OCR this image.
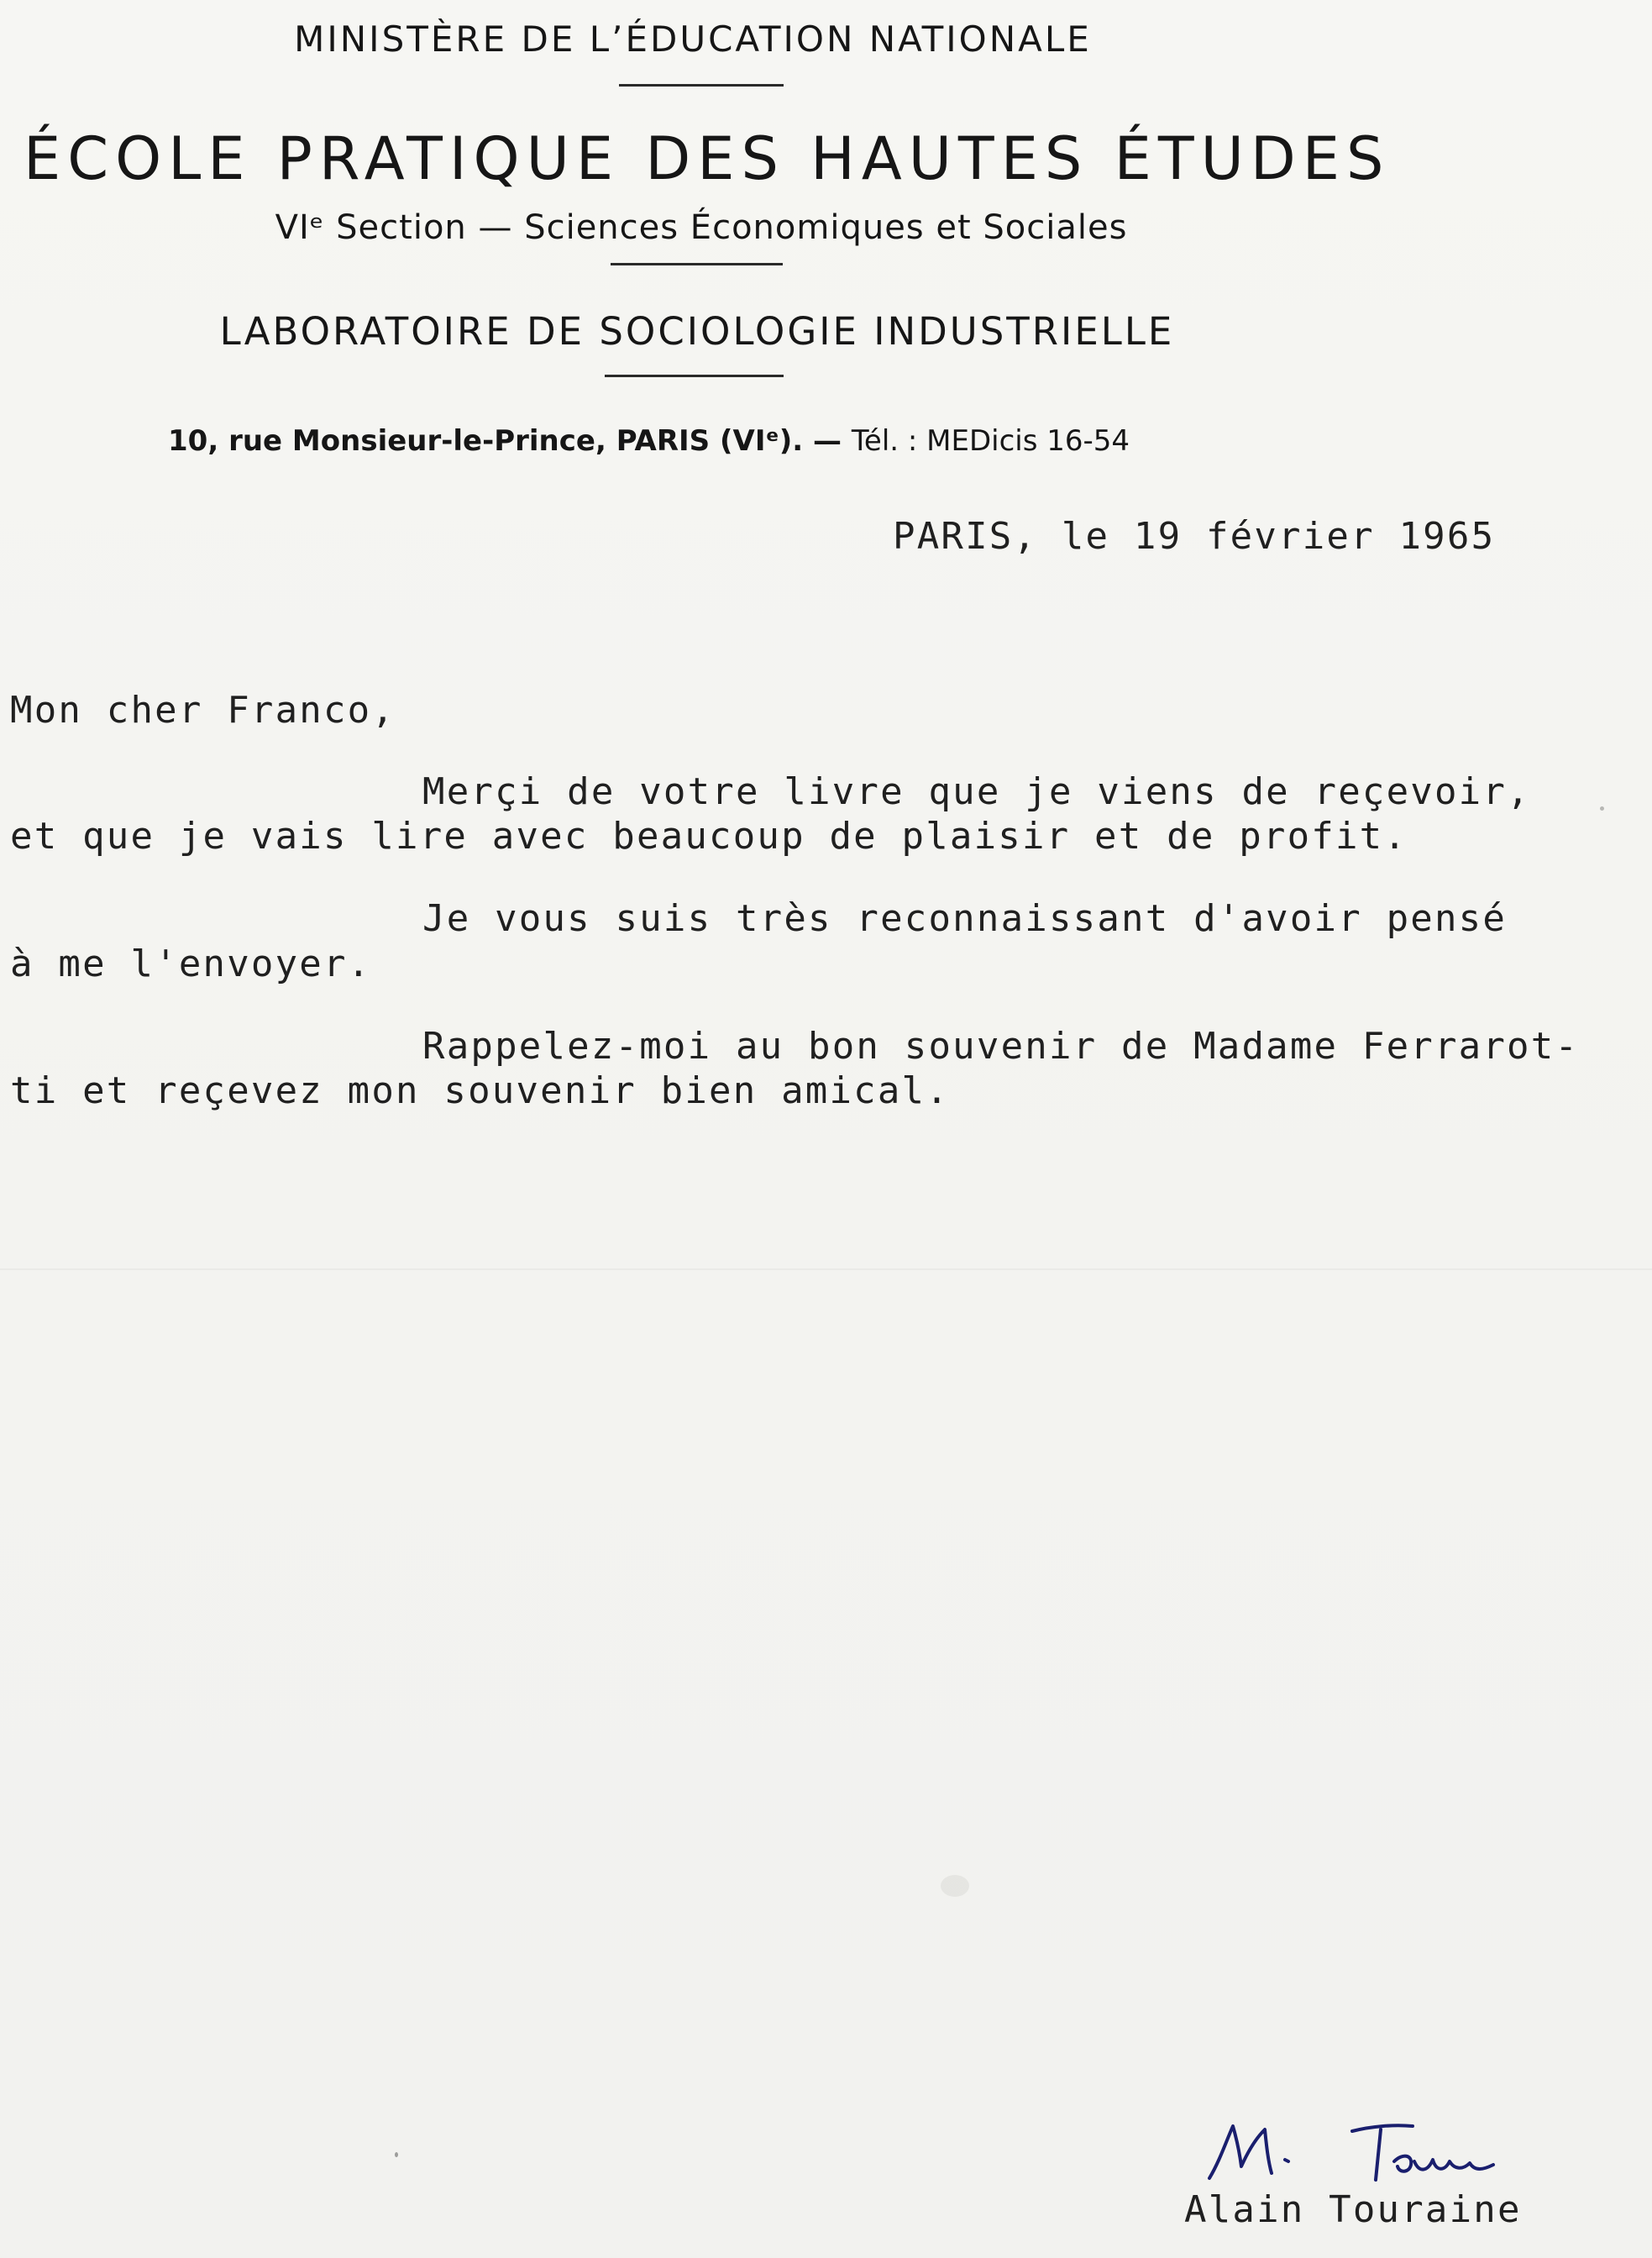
MINISTÈRE DE L’ÉDUCATION NATIONALE
ÉCOLE PRATIQUE DES HAUTES ÉTUDES
VIᵉ Section — Sciences Économiques et Sociales
LABORATOIRE DE SOCIOLOGIE INDUSTRIELLE
10, rue Monsieur-le-Prince, PARIS (VIᵉ). — Tél. : MEDicis 16-54
PARIS, le 19 février 1965
Mon cher Franco,
Merçi de votre livre que je viens de reçevoir,
et que je vais lire avec beaucoup de plaisir et de profit.
Je vous suis très reconnaissant d'avoir pensé
à me l'envoyer.
Rappelez-moi au bon souvenir de Madame Ferrarot-
ti et reçevez mon souvenir bien amical.
Alain Touraine
